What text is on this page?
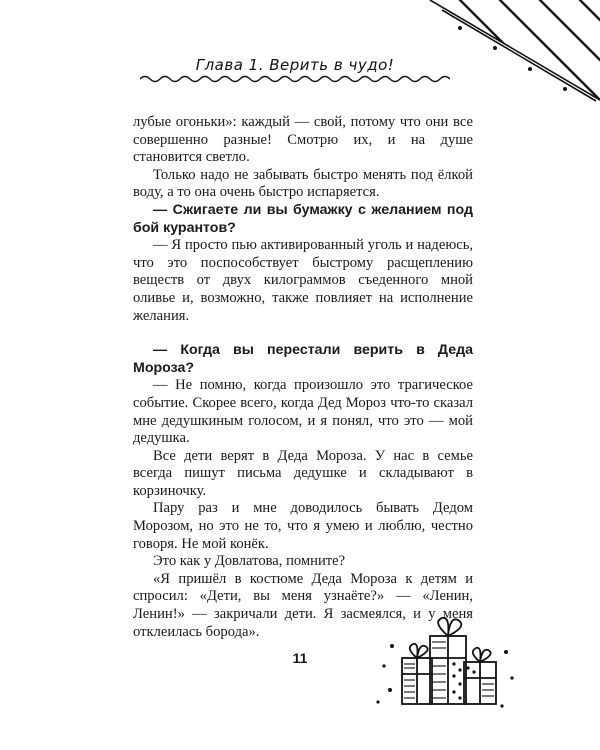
Глава 1. Верить в чудо!

лубые огоньки»: каждый — свой, потому что они все совершенно разные! Смотрю их, и на душе становится светло.

Только надо не забывать быстро менять под ёлкой воду, а то она очень быстро испаряется.

— Сжигаете ли вы бумажку с желанием под бой курантов?

— Я просто пью активированный уголь и надеюсь, что это поспособствует быстрому расщеплению веществ от двух килограммов съеденного мной оливье и, возможно, также повлияет на исполнение желания.

— Когда вы перестали верить в Деда Мороза?

— Не помню, когда произошло это трагическое событие. Скорее всего, когда Дед Мороз что-то сказал мне дедушкиным голосом, и я понял, что это — мой дедушка.

Все дети верят в Деда Мороза. У нас в семье всегда пишут письма дедушке и складывают в корзиночку.

Пару раз и мне доводилось бывать Дедом Морозом, но это не то, что я умею и люблю, честно говоря. Не мой конёк.

Это как у Довлатова, помните?

«Я пришёл в костюме Деда Мороза к детям и спросил: «Дети, вы меня узнаёте?» — «Ленин, Ленин!» — закричали дети. Я засмеялся, и у меня отклеилась борода».

11
